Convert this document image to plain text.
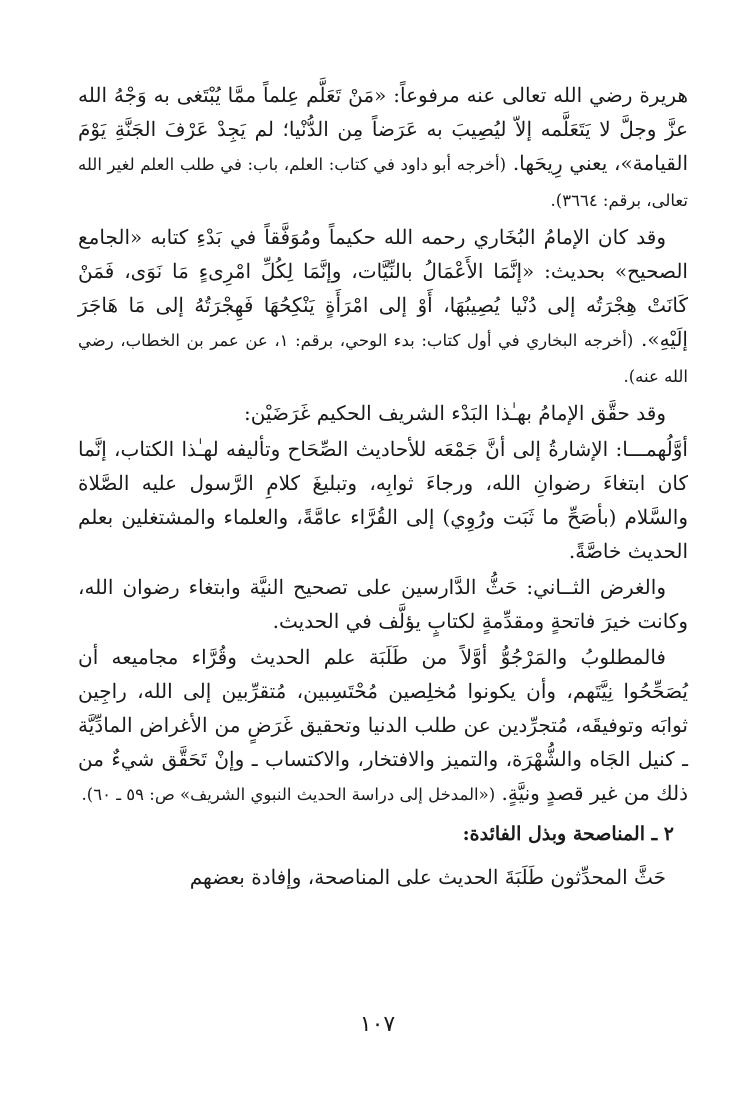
هريرة رضي الله تعالى عنه مرفوعاً: «مَنْ تَعَلَّم عِلماً ممَّا يُبْتَغى به وَجْهُ الله عزَّ وجلَّ لا يَتَعَلَّمه إلاّ ليُصِيبَ به عَرَضاً مِن الدُّنْيا؛ لم يَجِدْ عَرْفَ الجَنَّةِ يَوْمَ القيامة»، يعني رِيحَها. (أخرجه أبو داود في كتاب: العلم، باب: في طلب العلم لغير الله تعالى، برقم: ٣٦٦٤).

وقد كان الإمامُ البُخَاري رحمه الله حكيماً ومُوَفَّقاً في بَدْءِ كتابه «الجامع الصحيح» بحديث: «إنَّمَا الأَعْمَالُ بالنِّيَّات، وإنَّمَا لِكُلِّ امْرِىءٍ مَا نَوَى، فَمَنْ كَانَتْ هِجْرَتُه إلى دُنْيا يُصِيبُهَا، أَوْ إلى امْرَأَةٍ يَنْكِحُهَا فَهِجْرَتُهُ إلى مَا هَاجَرَ إلَيْهِ». (أخرجه البخاري في أول كتاب: بدء الوحي، برقم: ١، عن عمر بن الخطاب، رضي الله عنه).

وقد حقَّق الإمامُ بهـٰذا البَدْء الشريف الحكيم غَرَضَيْن:

أوَّلُهمـــا: الإشارةُ إلى أنَّ جَمْعَه للأحاديث الصِّحَاح وتأليفه لهـٰذا الكتاب، إنَّما كان ابتغاءَ رضوانِ الله، ورجاءَ ثوابِه، وتبليغَ كلامِ الرَّسول عليه الصَّلاة والسَّلام (بأصَحِّ ما ثَبَت ورُوِي) إلى القُرَّاء عامَّةً، والعلماء والمشتغلين بعلم الحديث خاصَّةً.

والغرض الثــاني: حَثُّ الدَّارسين على تصحيح النيَّة وابتغاء رضوان الله، وكانت خيرَ فاتحةٍ ومقدِّمةٍ لكتابٍ يؤلَّف في الحديث.

فالمطلوبُ والمَرْجُوُّ أوَّلاً من طَلَبَة علم الحديث وقُرَّاء مجاميعه أن يُصَحِّحُوا نِيَّتَهم، وأن يكونوا مُخلِصين مُحْتَسِبين، مُتقرِّبين إلى الله، راجِين ثوابَه وتوفيقَه، مُتجرِّدين عن طلب الدنيا وتحقيق غَرَضٍ من الأغراض المادِّيَّة ـ كنيل الجَاه والشُّهْرَة، والتميز والافتخار، والاكتساب ـ وإنْ تَحَقَّق شيءٌ من ذلك من غير قصدٍ ونيَّةٍ. («المدخل إلى دراسة الحديث النبوي الشريف» ص: ٥٩ ـ ٦٠).

٢ ـ المناصحة وبذل الفائدة:

حَثَّ المحدِّثون طَلَبَةَ الحديث على المناصحة، وإفادة بعضهم

١٠٧
